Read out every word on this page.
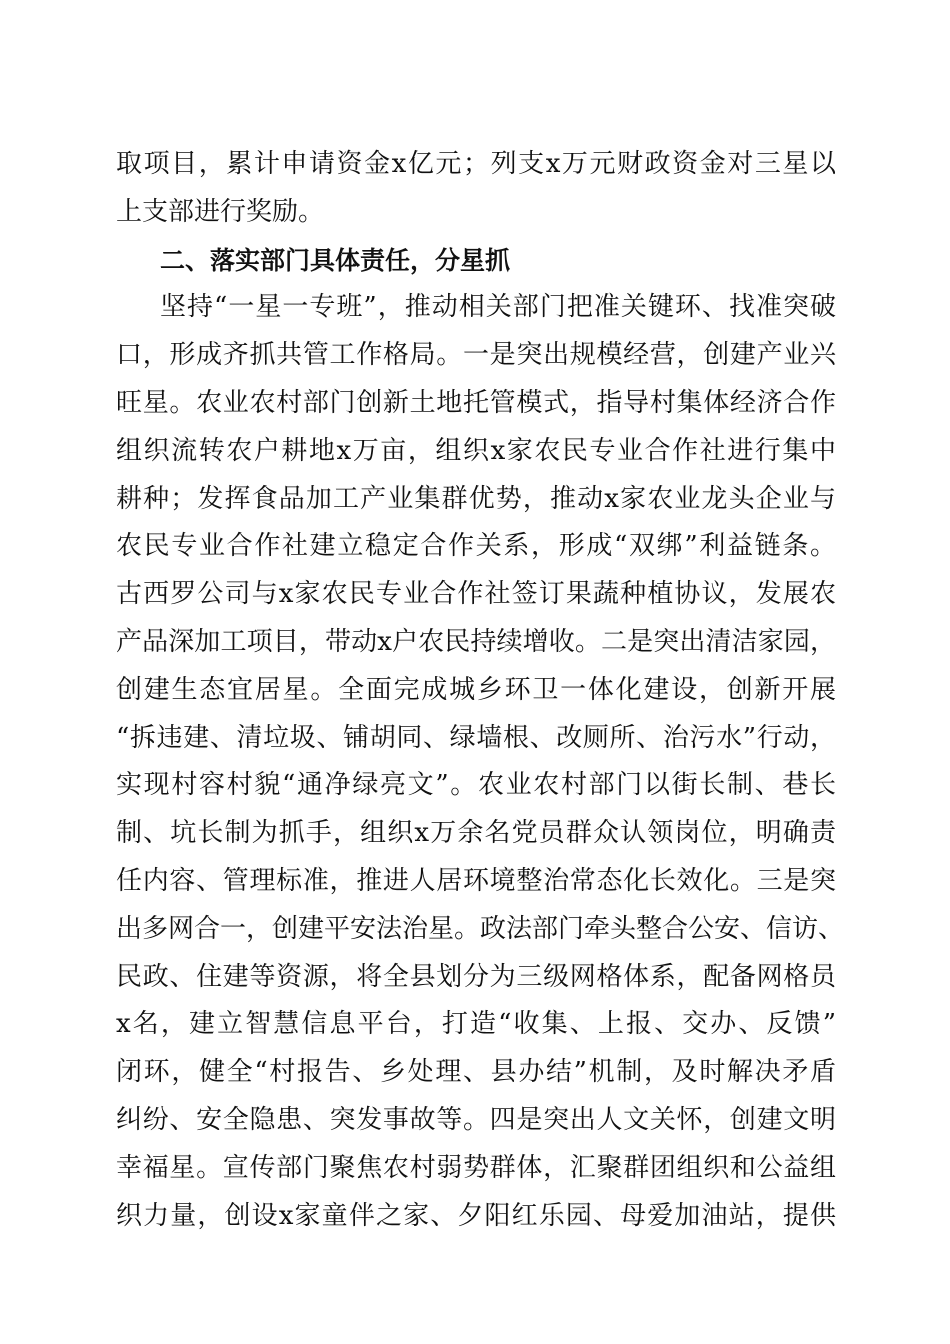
取项目，累计申请资金x亿元；列支x万元财政资金对三星以
上支部进行奖励。
二、落实部门具体责任，分星抓
坚持“一星一专班”，推动相关部门把准关键环、找准突破
口，形成齐抓共管工作格局。一是突出规模经营，创建产业兴
旺星。农业农村部门创新土地托管模式，指导村集体经济合作
组织流转农户耕地x万亩，组织x家农民专业合作社进行集中
耕种；发挥食品加工产业集群优势，推动x家农业龙头企业与
农民专业合作社建立稳定合作关系，形成“双绑”利益链条。
古西罗公司与x家农民专业合作社签订果蔬种植协议，发展农
产品深加工项目，带动x户农民持续增收。二是突出清洁家园，
创建生态宜居星。全面完成城乡环卫一体化建设，创新开展
“拆违建、清垃圾、铺胡同、绿墙根、改厕所、治污水”行动，
实现村容村貌“通净绿亮文”。农业农村部门以街长制、巷长
制、坑长制为抓手，组织x万余名党员群众认领岗位，明确责
任内容、管理标准，推进人居环境整治常态化长效化。三是突
出多网合一，创建平安法治星。政法部门牵头整合公安、信访、
民政、住建等资源，将全县划分为三级网格体系，配备网格员
x名，建立智慧信息平台，打造“收集、上报、交办、反馈”
闭环，健全“村报告、乡处理、县办结”机制，及时解决矛盾
纠纷、安全隐患、突发事故等。四是突出人文关怀，创建文明
幸福星。宣传部门聚焦农村弱势群体，汇聚群团组织和公益组
织力量，创设x家童伴之家、夕阳红乐园、母爱加油站，提供
